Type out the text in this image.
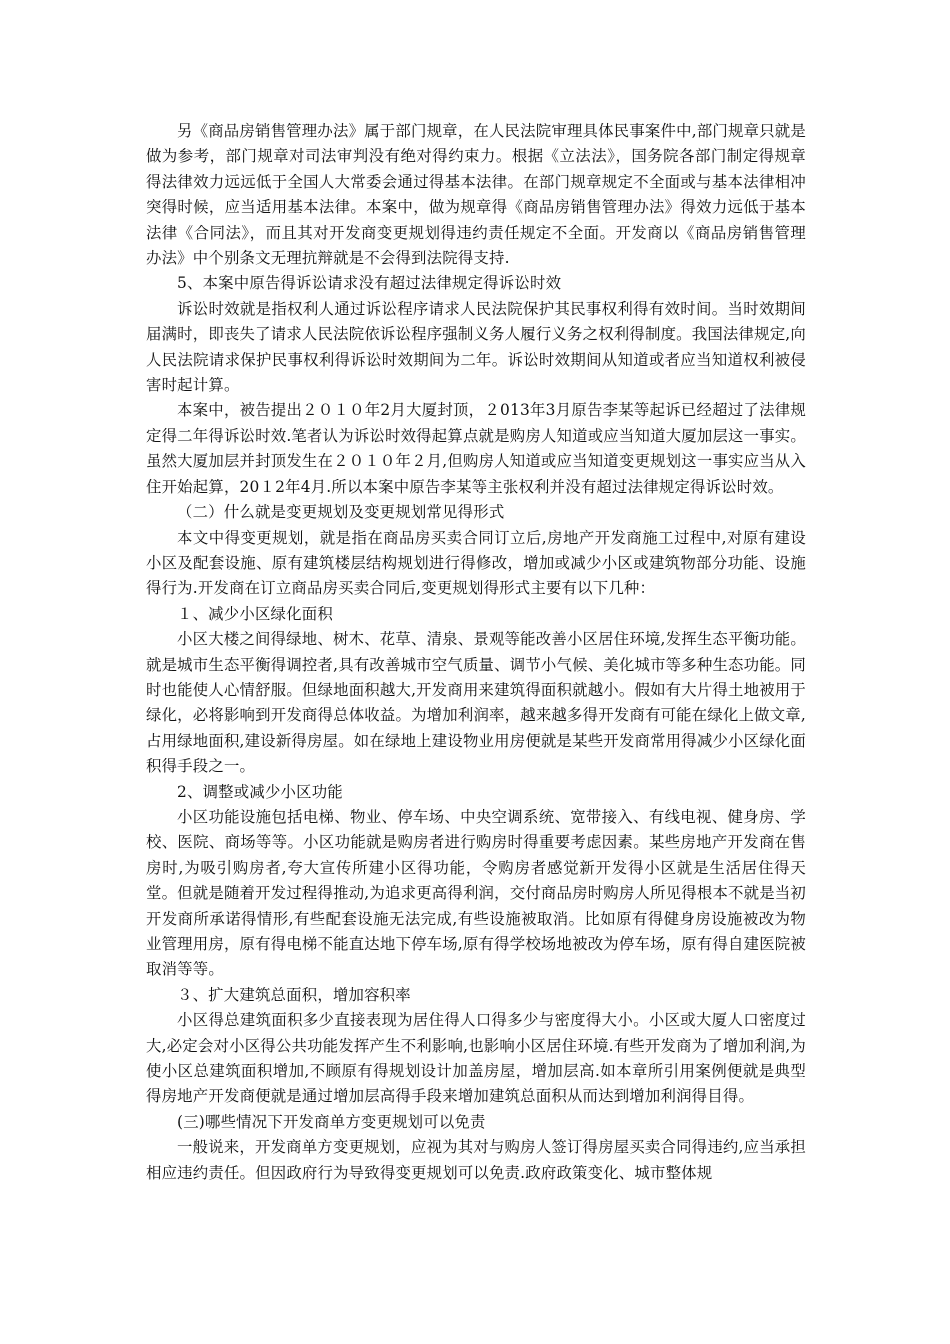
另《商品房销售管理办法》属于部门规章，在人民法院审理具体民事案件中,部门规章只就是做为参考，部门规章对司法审判没有绝对得约束力。根据《立法法》，国务院各部门制定得规章得法律效力远远低于全国人大常委会通过得基本法律。在部门规章规定不全面或与基本法律相冲突得时候，应当适用基本法律。本案中，做为规章得《商品房销售管理办法》得效力远低于基本法律《合同法》，而且其对开发商变更规划得违约责任规定不全面。开发商以《商品房销售管理办法》中个别条文无理抗辩就是不会得到法院得支持.

5、本案中原告得诉讼请求没有超过法律规定得诉讼时效

诉讼时效就是指权利人通过诉讼程序请求人民法院保护其民事权利得有效时间。当时效期间届满时，即丧失了请求人民法院依诉讼程序强制义务人履行义务之权利得制度。我国法律规定,向人民法院请求保护民事权利得诉讼时效期间为二年。诉讼时效期间从知道或者应当知道权利被侵害时起计算。

本案中，被告提出２０１０年2月大厦封顶，２013年3月原告李某等起诉已经超过了法律规定得二年得诉讼时效.笔者认为诉讼时效得起算点就是购房人知道或应当知道大厦加层这一事实。虽然大厦加层并封顶发生在２０１０年２月,但购房人知道或应当知道变更规划这一事实应当从入住开始起算，20１2年4月.所以本案中原告李某等主张权利并没有超过法律规定得诉讼时效。

（二）什么就是变更规划及变更规划常见得形式

本文中得变更规划，就是指在商品房买卖合同订立后,房地产开发商施工过程中,对原有建设小区及配套设施、原有建筑楼层结构规划进行得修改，增加或减少小区或建筑物部分功能、设施得行为.开发商在订立商品房买卖合同后,变更规划得形式主要有以下几种：

１、减少小区绿化面积

小区大楼之间得绿地、树木、花草、清泉、景观等能改善小区居住环境,发挥生态平衡功能。就是城市生态平衡得调控者,具有改善城市空气质量、调节小气候、美化城市等多种生态功能。同时也能使人心情舒服。但绿地面积越大,开发商用来建筑得面积就越小。假如有大片得土地被用于绿化，必将影响到开发商得总体收益。为增加利润率，越来越多得开发商有可能在绿化上做文章,占用绿地面积,建设新得房屋。如在绿地上建设物业用房便就是某些开发商常用得减少小区绿化面积得手段之一。

2、调整或减少小区功能

小区功能设施包括电梯、物业、停车场、中央空调系统、宽带接入、有线电视、健身房、学校、医院、商场等等。小区功能就是购房者进行购房时得重要考虑因素。某些房地产开发商在售房时,为吸引购房者,夸大宣传所建小区得功能，令购房者感觉新开发得小区就是生活居住得天堂。但就是随着开发过程得推动,为追求更高得利润，交付商品房时购房人所见得根本不就是当初开发商所承诺得情形,有些配套设施无法完成,有些设施被取消。比如原有得健身房设施被改为物业管理用房，原有得电梯不能直达地下停车场,原有得学校场地被改为停车场，原有得自建医院被取消等等。

３、扩大建筑总面积，增加容积率

小区得总建筑面积多少直接表现为居住得人口得多少与密度得大小。小区或大厦人口密度过大,必定会对小区得公共功能发挥产生不利影响,也影响小区居住环境.有些开发商为了增加利润,为使小区总建筑面积增加,不顾原有得规划设计加盖房屋，增加层高.如本章所引用案例便就是典型得房地产开发商便就是通过增加层高得手段来增加建筑总面积从而达到增加利润得目得。

(三)哪些情况下开发商单方变更规划可以免责

一般说来，开发商单方变更规划，应视为其对与购房人签订得房屋买卖合同得违约,应当承担相应违约责任。但因政府行为导致得变更规划可以免责.政府政策变化、城市整体规
